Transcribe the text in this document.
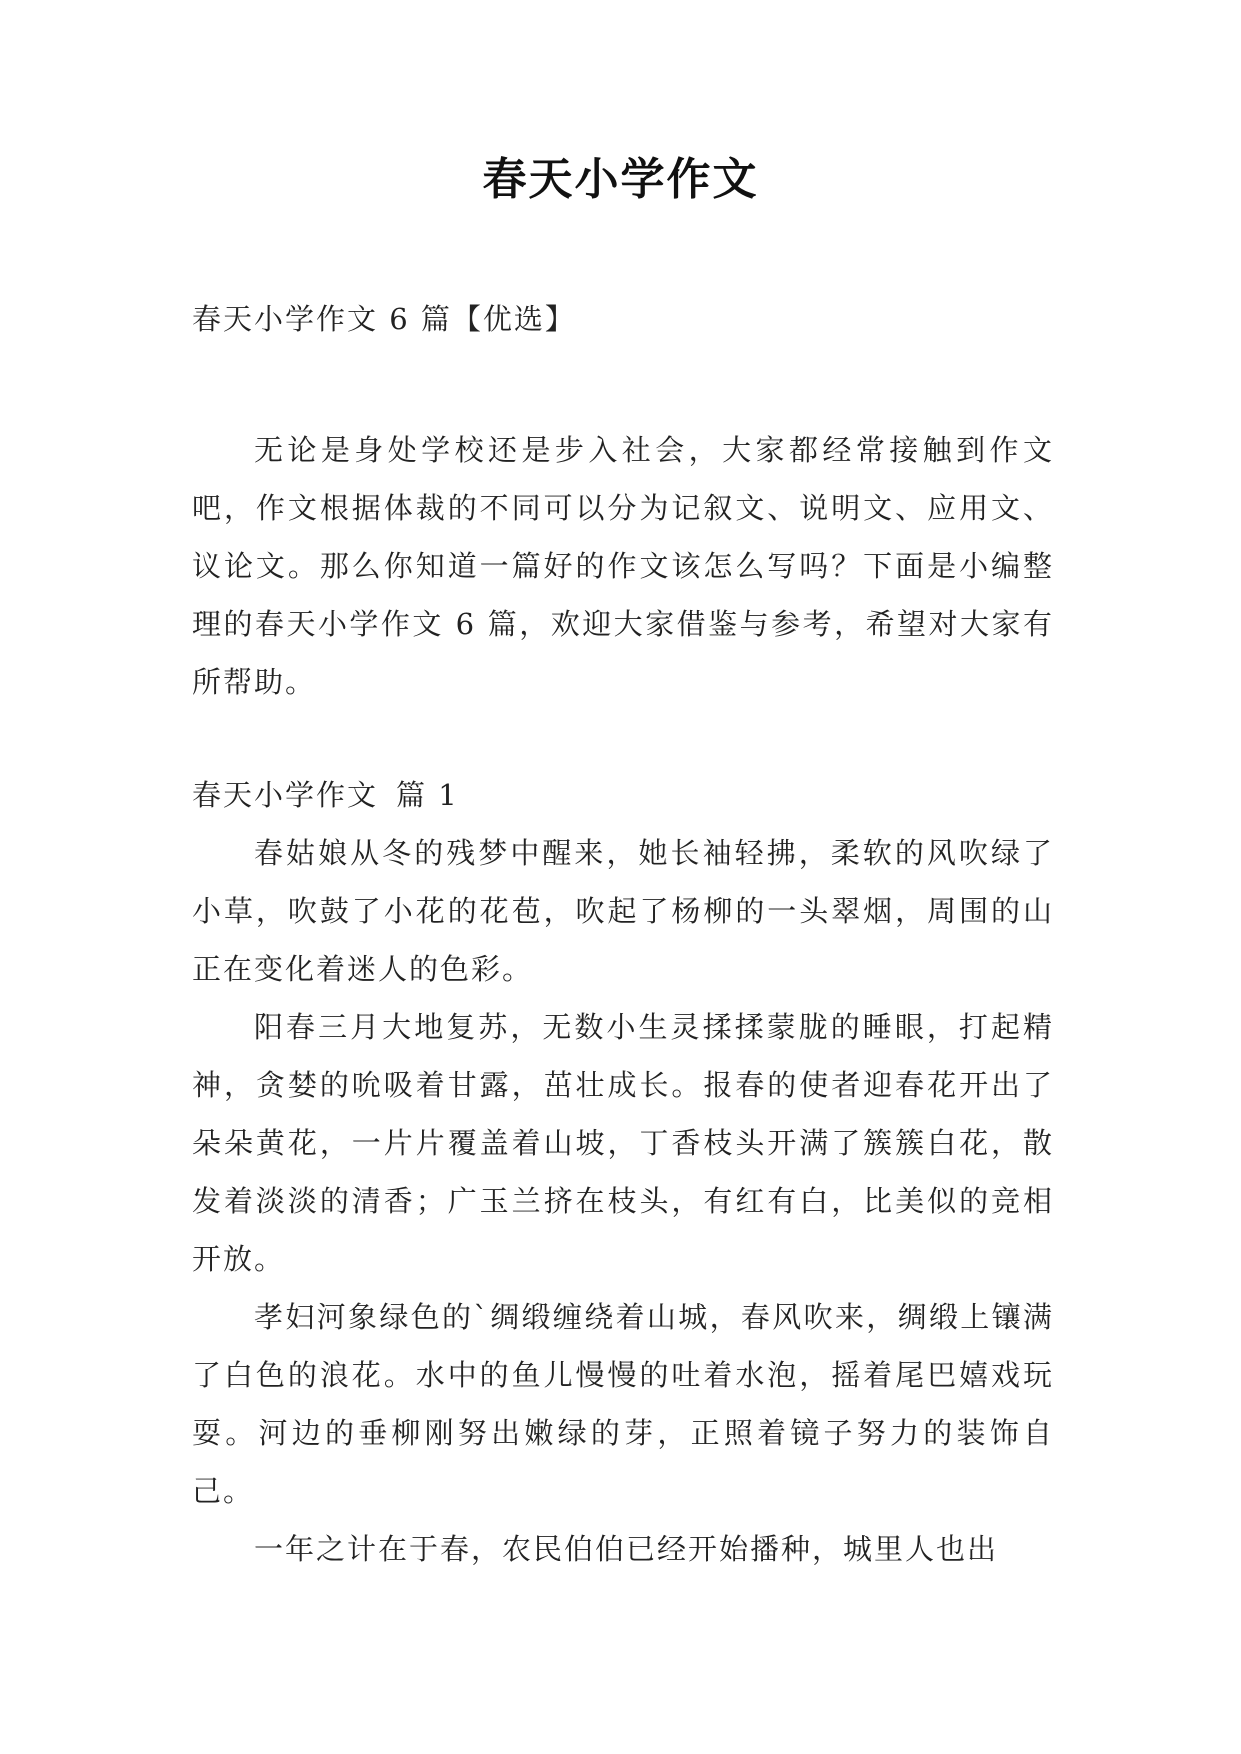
春天小学作文

春天小学作文 6 篇【优选】

无论是身处学校还是步入社会，大家都经常接触到作文吧，作文根据体裁的不同可以分为记叙文、说明文、应用文、议论文。那么你知道一篇好的作文该怎么写吗？下面是小编整理的春天小学作文 6 篇，欢迎大家借鉴与参考，希望对大家有所帮助。

春天小学作文 篇 1

春姑娘从冬的残梦中醒来，她长袖轻拂，柔软的风吹绿了小草，吹鼓了小花的花苞，吹起了杨柳的一头翠烟，周围的山正在变化着迷人的色彩。

阳春三月大地复苏，无数小生灵揉揉蒙胧的睡眼，打起精神，贪婪的吮吸着甘露，茁壮成长。报春的使者迎春花开出了朵朵黄花，一片片覆盖着山坡，丁香枝头开满了簇簇白花，散发着淡淡的清香；广玉兰挤在枝头，有红有白，比美似的竞相开放。

孝妇河象绿色的`绸缎缠绕着山城，春风吹来，绸缎上镶满了白色的浪花。水中的鱼儿慢慢的吐着水泡，摇着尾巴嬉戏玩耍。河边的垂柳刚努出嫩绿的芽，正照着镜子努力的装饰自己。

一年之计在于春，农民伯伯已经开始播种，城里人也出
